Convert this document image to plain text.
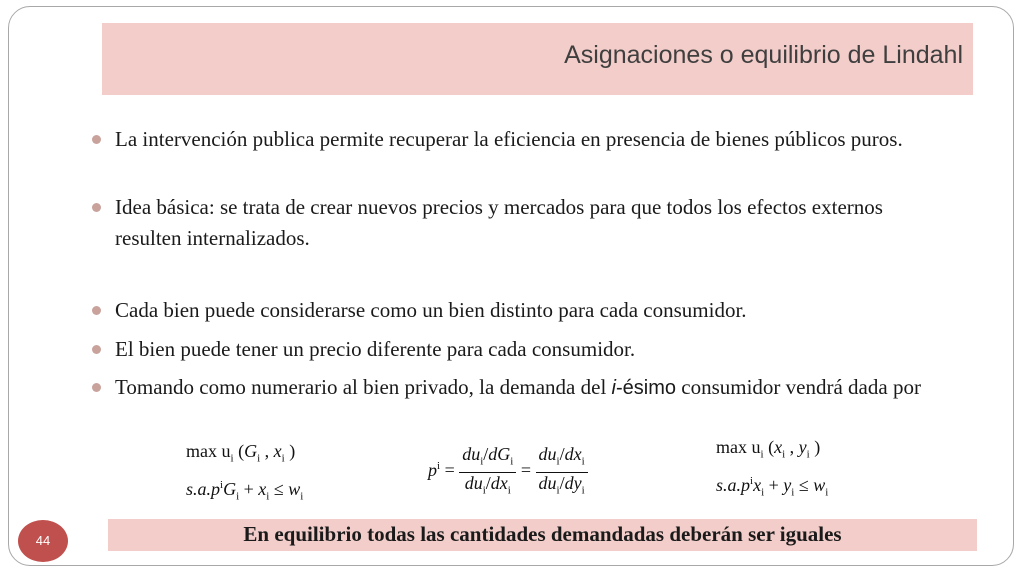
Asignaciones o equilibrio de Lindahl
La intervención publica permite recuperar la eficiencia en presencia de bienes públicos puros.
Idea básica: se trata de crear nuevos precios y mercados para que todos los efectos externos resulten internalizados.
Cada bien puede considerarse como un bien distinto para cada consumidor.
El bien puede tener un precio diferente para cada consumidor.
Tomando como numerario al bien privado, la demanda del i-ésimo consumidor vendrá dada por
$\max u_i$ ($G_i$ , $x_i$ )
$s.a.p^iG_i + x_i \le w_i$
$p^i = \frac{du_i/dG_i}{du_i/dx_i} = \frac{du_i/dx_i}{du_i/dy_i}$	$\max u_i$ ($x_i$ , $y_i$ )
$s.a.p^ix_i + y_i \le w_i$
En equilibrio todas las cantidades demandadas deberán ser iguales
44
